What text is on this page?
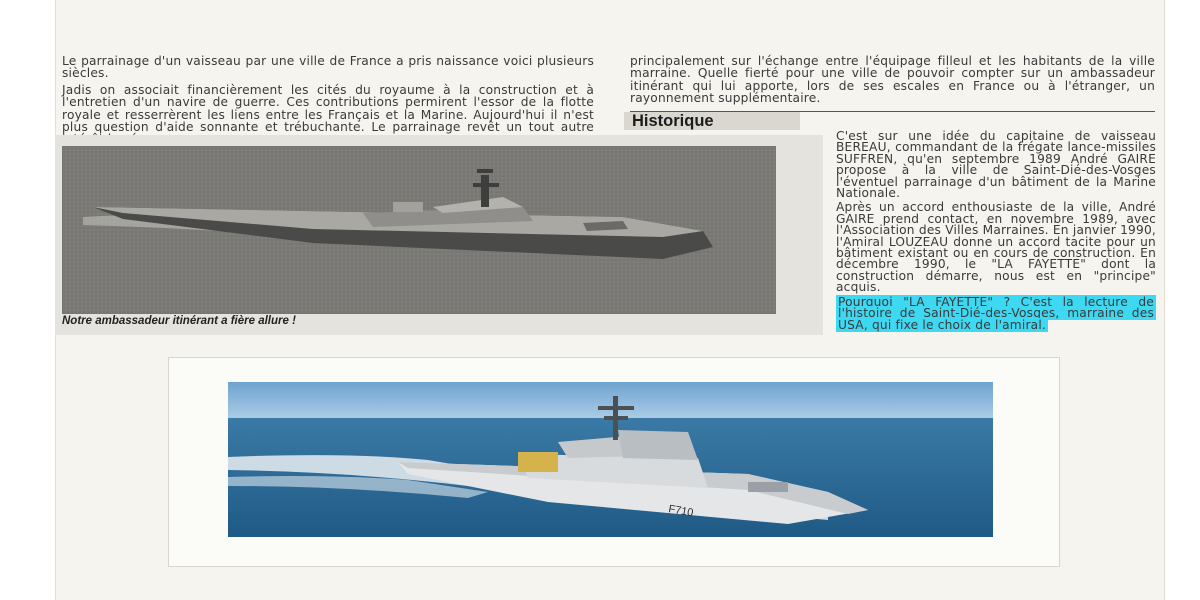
Le parrainage d'un vaisseau par une ville de France a pris naissance voici plusieurs siècles.

Jadis on associait financièrement les cités du royaume à la construction et à l'entretien d'un navire de guerre. Ces contributions permirent l'essor de la flotte royale et resserrèrent les liens entre les Français et la Marine. Aujourd'hui il n'est plus question d'aide sonnante et trébuchante. Le parrainage revêt un tout autre

principalement sur l'échange entre l'équipage filleul et les habitants de la ville marraine. Quelle fierté pour une ville de pouvoir compter sur un ambassadeur itinérant qui lui apporte, lors de ses escales en France ou à l'étranger, un rayonnement supplémentaire.

Historique

C'est sur une idée du capitaine de vaisseau BEREAU, commandant de la frégate lance-missiles SUFFREN, qu'en septembre 1989 André GAIRE propose à la ville de Saint-Dié-des-Vosges l'éventuel parrainage d'un bâtiment de la Marine Nationale.

Après un accord enthousiaste de la ville, André GAIRE prend contact, en novembre 1989, avec l'Association des Villes Marraines. En janvier 1990, l'Amiral LOUZEAU donne un accord tacite pour un bâtiment existant ou en cours de construction. En décembre 1990, le "LA FAYETTE" dont la construction démarre, nous est en "principe" acquis.

Pourquoi "LA FAYETTE" ? C'est la lecture de l'histoire de Saint-Dié-des-Vosges, marraine des USA, qui fixe le choix de l'amiral.

Notre ambassadeur itinérant a fière allure !
F710
